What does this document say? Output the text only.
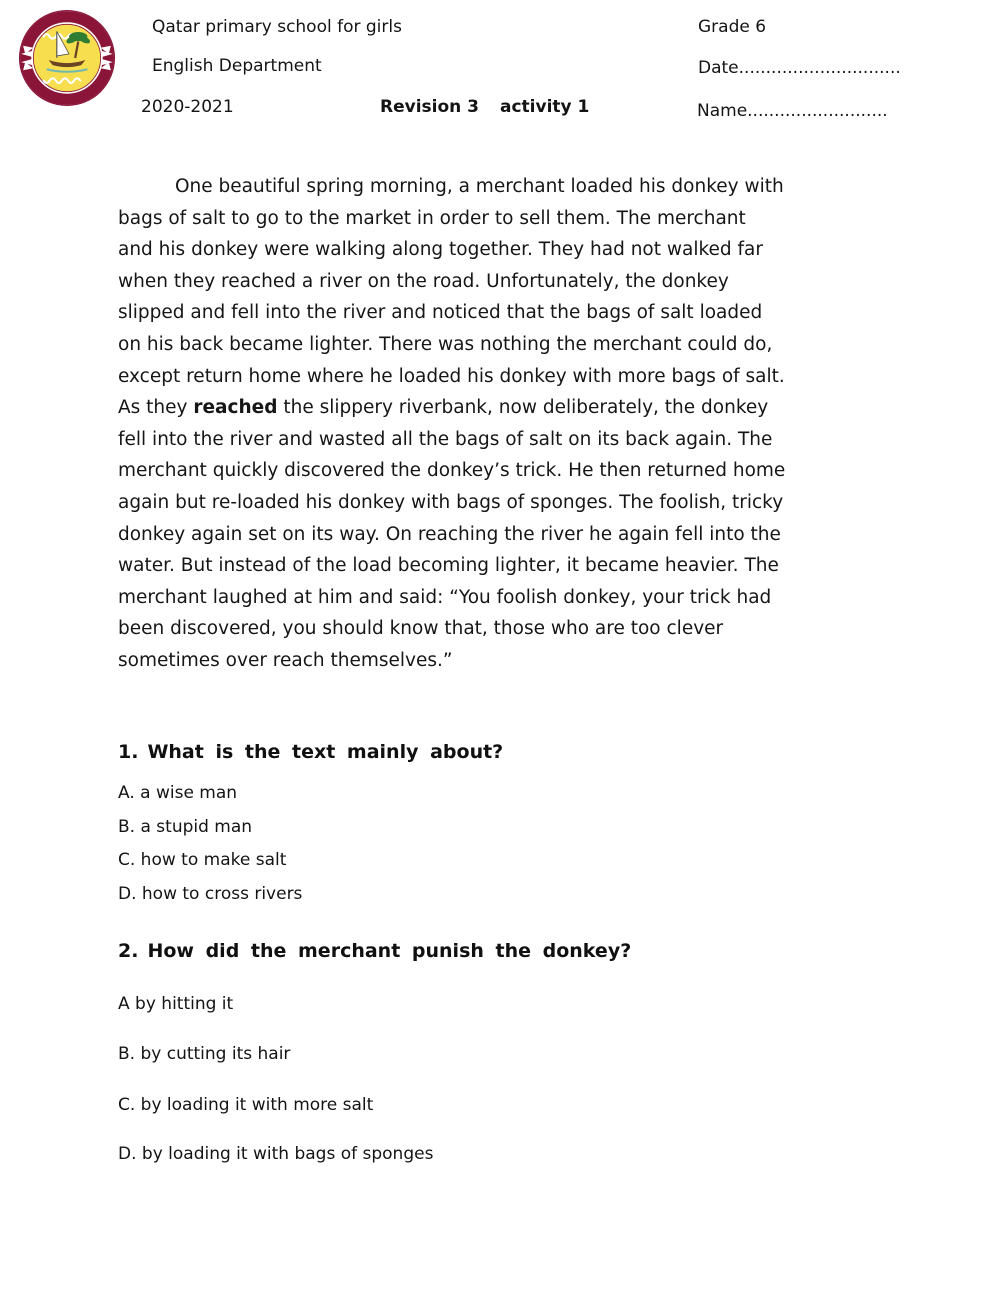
Qatar primary school for girls	Grade 6
English Department	Date..............................
2020-2021	Revision 3 activity 1	Name..........................
One beautiful spring morning, a merchant loaded his donkey with
bags of salt to go to the market in order to sell them. The merchant
and his donkey were walking along together. They had not walked far
when they reached a river on the road. Unfortunately, the donkey
slipped and fell into the river and noticed that the bags of salt loaded
on his back became lighter. There was nothing the merchant could do,
except return home where he loaded his donkey with more bags of salt.
As they reached the slippery riverbank, now deliberately, the donkey
fell into the river and wasted all the bags of salt on its back again. The
merchant quickly discovered the donkey’s trick. He then returned home
again but re-loaded his donkey with bags of sponges. The foolish, tricky
donkey again set on its way. On reaching the river he again fell into the
water. But instead of the load becoming lighter, it became heavier. The
merchant laughed at him and said: “You foolish donkey, your trick had
been discovered, you should know that, those who are too clever
sometimes over reach themselves.”
1. What is the text mainly about?
A. a wise man
B. a stupid man
C. how to make salt
D. how to cross rivers
2. How did the merchant punish the donkey?
A by hitting it
B. by cutting its hair
C. by loading it with more salt
D. by loading it with bags of sponges
